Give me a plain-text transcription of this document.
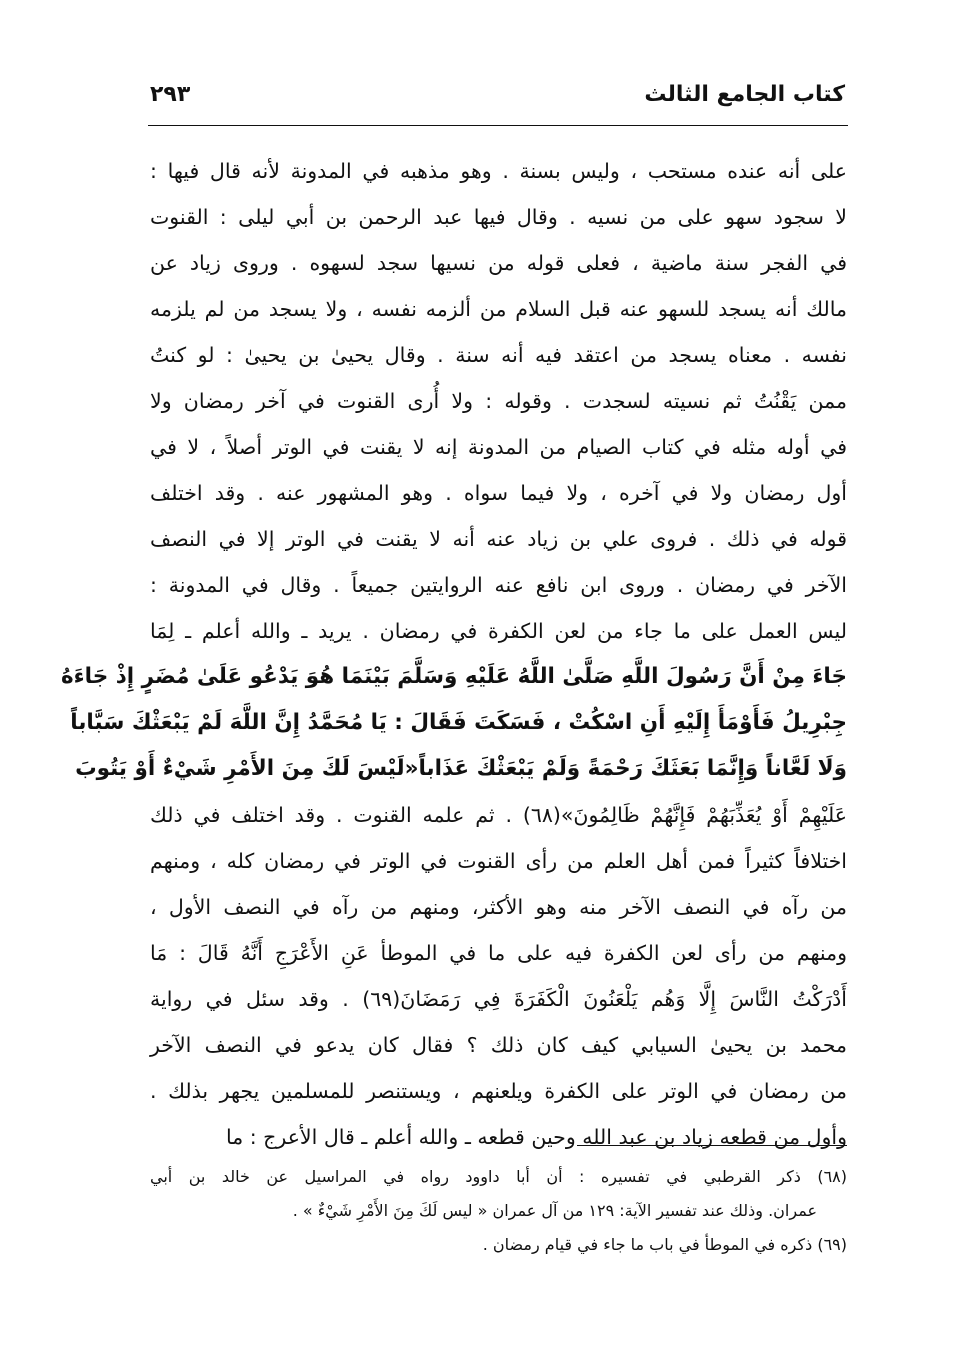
كتاب الجامع الثالث
٢٩٣
على أنه عنده مستحب ، وليس بسنة . وهو مذهبه في المدونة لأنه قال فيها :
لا سجود سهو على من نسيه . وقال فيها عبد الرحمن بن أبي ليلى : القنوت
في الفجر سنة ماضية ، فعلى قوله من نسيها سجد لسهوه . وروى زياد عن
مالك أنه يسجد للسهو عنه قبل السلام من ألزمه نفسه ، ولا يسجد من لم يلزمه
نفسه . معناه يسجد من اعتقد فيه أنه سنة . وقال يحيىٰ بن يحيىٰ : لو كنتُ
ممن يَقْنُتُ ثم نسيته لسجدت . وقوله : ولا أُرى القنوت في آخر رمضان ولا
في أوله مثله في كتاب الصيام من المدونة إنه لا يقنت في الوتر أصلاً ، لا في
أول رمضان ولا في آخره ، ولا فيما سواه . وهو المشهور عنه . وقد اختلف
قوله في ذلك . فروى علي بن زياد عنه أنه لا يقنت في الوتر إلا في النصف
الآخر في رمضان . وروى ابن نافع عنه الروايتين جميعاً . وقال في المدونة :
ليس العمل على ما جاء من لعن الكفرة في رمضان . يريد ـ والله أعلم ـ لِمَا
جَاءَ مِنْ أَنَّ رَسُولَ اللَّهِ صَلَّىٰ اللَّهُ عَلَيْهِ وَسَلَّمَ بَيْنَمَا هُوَ يَدْعُو عَلَىٰ مُضَرٍ إِذْ جَاءَهُ
جِبْرِيلُ فَأَوْمَأَ إِلَيْهِ أَنِ اسْكُتْ ، فَسَكَتَ فَقَالَ : يَا مُحَمَّدُ إِنَّ اللَّهَ لَمْ يَبْعَثْكَ سَبَّاباً
وَلَا لَعَّاناً وَإِنَّمَا بَعَثَكَ رَحْمَةً وَلَمْ يَبْعَثْكَ عَذَاباً«لَيْسَ لَكَ مِنَ الأَمْرِ شَيْءٌ أَوْ يَتُوبَ
عَلَيْهِمْ أَوْ يُعَذِّبَهُمْ فَإِنَّهُمْ ظَالِمُونَ»(٦٨) . ثم علمه القنوت . وقد اختلف في ذلك
اختلافاً كثيراً فمن أهل العلم من رأى القنوت في الوتر في رمضان كله ، ومنهم
من رآه في النصف الآخر منه وهو الأكثر، ومنهم من رآه في النصف الأول ،
ومنهم من رأى لعن الكفرة فيه على ما في الموطأ عَنِ الأَعْرَجِ أَنَّهُ قَالَ : مَا
أَدْرَكْتُ النَّاسَ إِلَّا وَهُم يَلْعَنُونَ الْكَفَرَةَ فِي رَمَضَانَ(٦٩) . وقد سئل في رواية
محمد بن يحيىٰ السيابي كيف كان ذلك ؟ فقال كان يدعو في النصف الآخر
من رمضان في الوتر على الكفرة ويلعنهم ، ويستنصر للمسلمين يجهر بذلك .
وأول من قطعه زياد بن عبد الله وحين قطعه ـ والله أعلم ـ قال الأعرج : ما
(٦٨) ذكر القرطبي في تفسيره : أن أبا داوود رواه في المراسيل عن خالد بن أبي
عمران. وذلك عند تفسير الآية: ١٢٩ من آل عمران « ليس لَكَ مِنَ الأَمْرِ شَيْءٌ » .
(٦٩) ذكره في الموطأ في باب ما جاء في قيام رمضان .
